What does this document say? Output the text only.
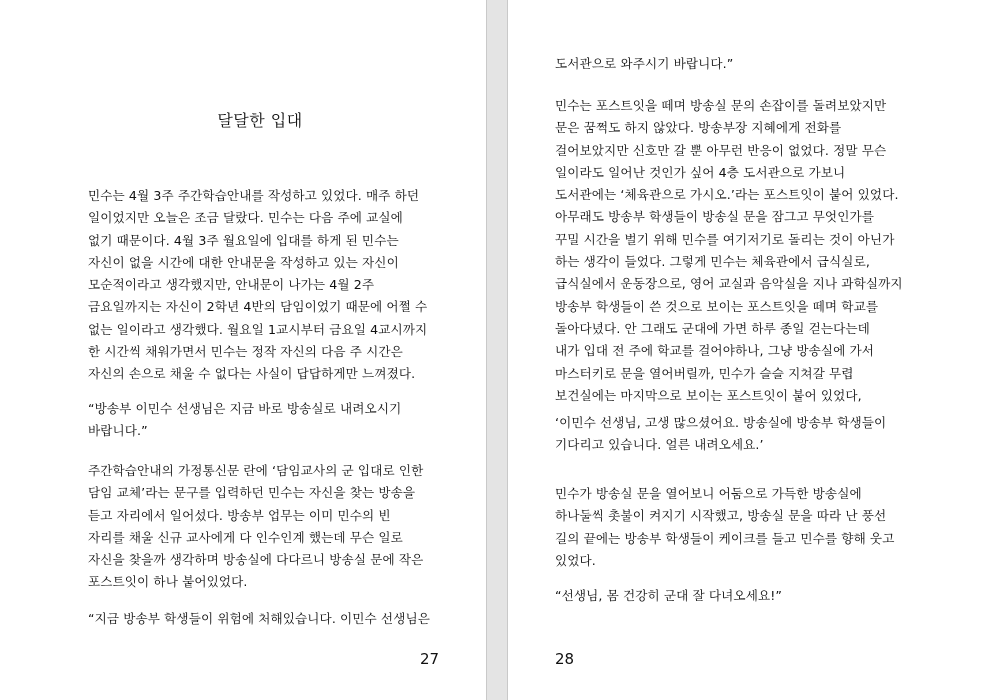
달달한 입대

민수는 4월 3주 주간학습안내를 작성하고 있었다. 매주 하던
일이었지만 오늘은 조금 달랐다. 민수는 다음 주에 교실에
없기 때문이다. 4월 3주 월요일에 입대를 하게 된 민수는
자신이 없을 시간에 대한 안내문을 작성하고 있는 자신이
모순적이라고 생각했지만, 안내문이 나가는 4월 2주
금요일까지는 자신이 2학년 4반의 담임이었기 때문에 어쩔 수
없는 일이라고 생각했다. 월요일 1교시부터 금요일 4교시까지
한 시간씩 채워가면서 민수는 정작 자신의 다음 주 시간은
자신의 손으로 채울 수 없다는 사실이 답답하게만 느껴졌다.

“방송부 이민수 선생님은 지금 바로 방송실로 내려오시기
바랍니다.”

주간학습안내의 가정통신문 란에 ‘담임교사의 군 입대로 인한
담임 교체’라는 문구를 입력하던 민수는 자신을 찾는 방송을
듣고 자리에서 일어섰다. 방송부 업무는 이미 민수의 빈
자리를 채울 신규 교사에게 다 인수인계 했는데 무슨 일로
자신을 찾을까 생각하며 방송실에 다다르니 방송실 문에 작은
포스트잇이 하나 붙어있었다.

“지금 방송부 학생들이 위험에 처해있습니다. 이민수 선생님은

27

도서관으로 와주시기 바랍니다.”

민수는 포스트잇을 떼며 방송실 문의 손잡이를 돌려보았지만
문은 꿈쩍도 하지 않았다. 방송부장 지혜에게 전화를
걸어보았지만 신호만 갈 뿐 아무런 반응이 없었다. 정말 무슨
일이라도 일어난 것인가 싶어 4층 도서관으로 가보니
도서관에는 ‘체육관으로 가시오.’라는 포스트잇이 붙어 있었다.
아무래도 방송부 학생들이 방송실 문을 잠그고 무엇인가를
꾸밀 시간을 벌기 위해 민수를 여기저기로 돌리는 것이 아닌가
하는 생각이 들었다. 그렇게 민수는 체육관에서 급식실로,
급식실에서 운동장으로, 영어 교실과 음악실을 지나 과학실까지
방송부 학생들이 쓴 것으로 보이는 포스트잇을 떼며 학교를
돌아다녔다. 안 그래도 군대에 가면 하루 종일 걷는다는데
내가 입대 전 주에 학교를 걸어야하나, 그냥 방송실에 가서
마스터키로 문을 열어버릴까, 민수가 슬슬 지쳐갈 무렵
보건실에는 마지막으로 보이는 포스트잇이 붙어 있었다,

‘이민수 선생님, 고생 많으셨어요. 방송실에 방송부 학생들이
기다리고 있습니다. 얼른 내려오세요.’

민수가 방송실 문을 열어보니 어둠으로 가득한 방송실에
하나둘씩 촛불이 켜지기 시작했고, 방송실 문을 따라 난 풍선
길의 끝에는 방송부 학생들이 케이크를 들고 민수를 향해 웃고
있었다.

“선생님, 몸 건강히 군대 잘 다녀오세요!”

28
